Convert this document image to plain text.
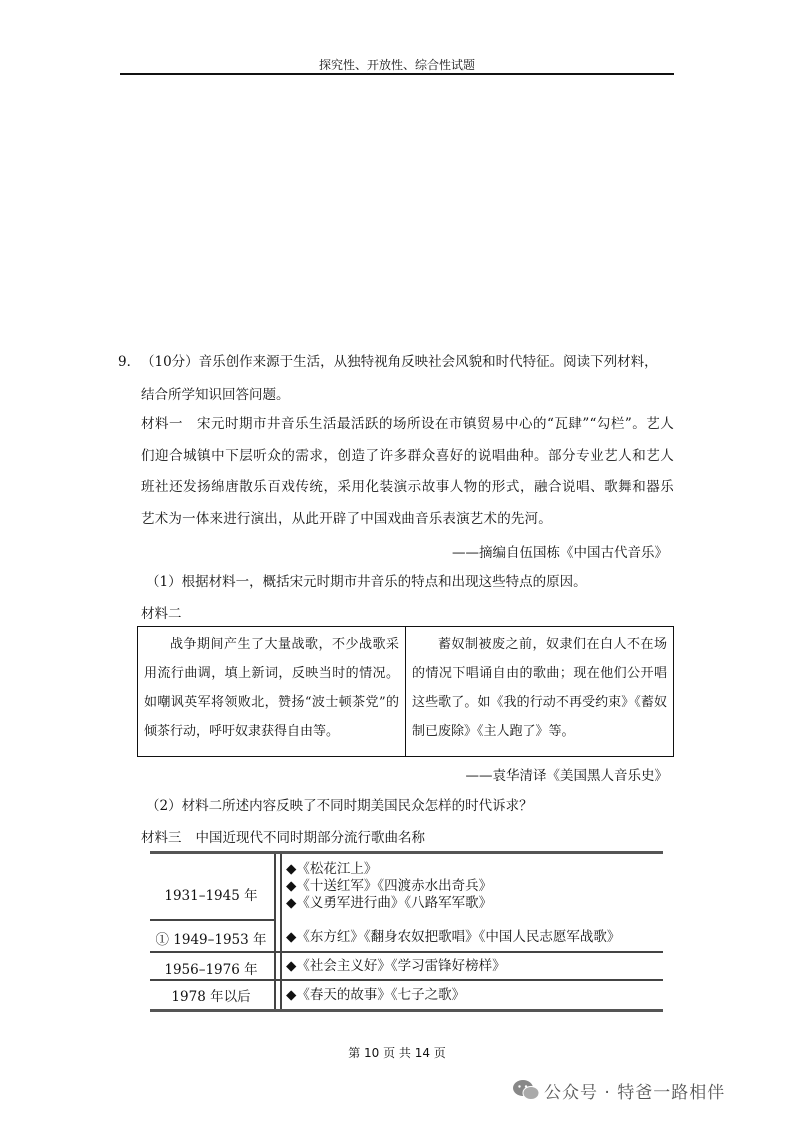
探究性、开放性、综合性试题
9． （10分）音乐创作来源于生活，从独特视角反映社会风貌和时代特征。阅读下列材料，
结合所学知识回答问题。
材料一 宋元时期市井音乐生活最活跃的场所设在市镇贸易中心的“瓦肆”“勾栏”。艺人们迎合城镇中下层听众的需求，创造了许多群众喜好的说唱曲种。部分专业艺人和艺人班社还发扬绵唐散乐百戏传统，采用化装演示故事人物的形式，融合说唱、歌舞和器乐艺术为一体来进行演出，从此开辟了中国戏曲音乐表演艺术的先河。
——摘编自伍国栋《中国古代音乐》
（1）根据材料一，概括宋元时期市井音乐的特点和出现这些特点的原因。
材料二

战争期间产生了大量战歌，不少战歌采用流行曲调，填上新词，反映当时的情况。如嘲讽英军将领败北，赞扬“波士顿茶党”的倾茶行动，呼吁奴隶获得自由等。

蓄奴制被废之前，奴隶们在白人不在场的情况下唱诵自由的歌曲；现在他们公开唱这些歌了。如《我的行动不再受约束》《蓄奴制已废除》《主人跑了》等。

——袁华清译《美国黑人音乐史》
（2）材料二所述内容反映了不同时期美国民众怎样的时代诉求？
材料三 中国近现代不同时期部分流行歌曲名称
1931–1945 年
◆《松花江上》
◆《十送红军》《四渡赤水出奇兵》
◆《义勇军进行曲》《八路军军歌》
① 1949–1953 年	◆《东方红》《翻身农奴把歌唱》《中国人民志愿军战歌》
1956–1976 年	◆《社会主义好》《学习雷锋好榜样》
1978 年以后	◆《春天的故事》《七子之歌》
第 10 页 共 14 页
公众号 · 特爸一路相伴
